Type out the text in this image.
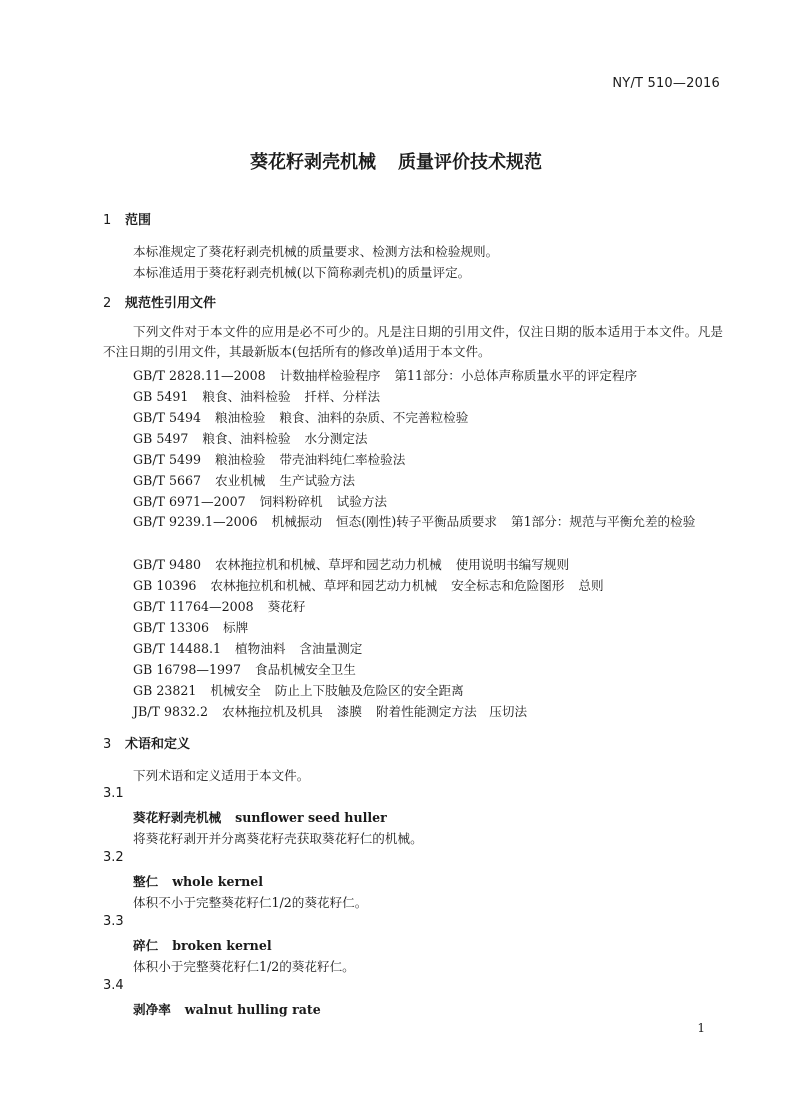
NY/T 510—2016
葵花籽剥壳机械 质量评价技术规范
1 范围
本标准规定了葵花籽剥壳机械的质量要求、检测方法和检验规则。
本标准适用于葵花籽剥壳机械(以下简称剥壳机)的质量评定。
2 规范性引用文件
下列文件对于本文件的应用是必不可少的。凡是注日期的引用文件，仅注日期的版本适用于本文件。凡是不注日期的引用文件，其最新版本(包括所有的修改单)适用于本文件。
GB/T 2828.11—2008 计数抽样检验程序 第11部分：小总体声称质量水平的评定程序
GB 5491 粮食、油料检验 扦样、分样法
GB/T 5494 粮油检验 粮食、油料的杂质、不完善粒检验
GB 5497 粮食、油料检验 水分测定法
GB/T 5499 粮油检验 带壳油料纯仁率检验法
GB/T 5667 农业机械 生产试验方法
GB/T 6971—2007 饲料粉碎机 试验方法
GB/T 9239.1—2006 机械振动 恒态(刚性)转子平衡品质要求 第1部分：规范与平衡允差的检验
GB/T 9480 农林拖拉机和机械、草坪和园艺动力机械 使用说明书编写规则
GB 10396 农林拖拉机和机械、草坪和园艺动力机械 安全标志和危险图形 总则
GB/T 11764—2008 葵花籽
GB/T 13306 标牌
GB/T 14488.1 植物油料 含油量测定
GB 16798—1997 食品机械安全卫生
GB 23821 机械安全 防止上下肢触及危险区的安全距离
JB/T 9832.2 农林拖拉机及机具 漆膜 附着性能测定方法　压切法
3 术语和定义
下列术语和定义适用于本文件。
3.1
葵花籽剥壳机械 sunflower seed huller
将葵花籽剥开并分离葵花籽壳获取葵花籽仁的机械。
3.2
整仁 whole kernel
体积不小于完整葵花籽仁1/2的葵花籽仁。
3.3
碎仁 broken kernel
体积小于完整葵花籽仁1/2的葵花籽仁。
3.4
剥净率 walnut hulling rate
1
